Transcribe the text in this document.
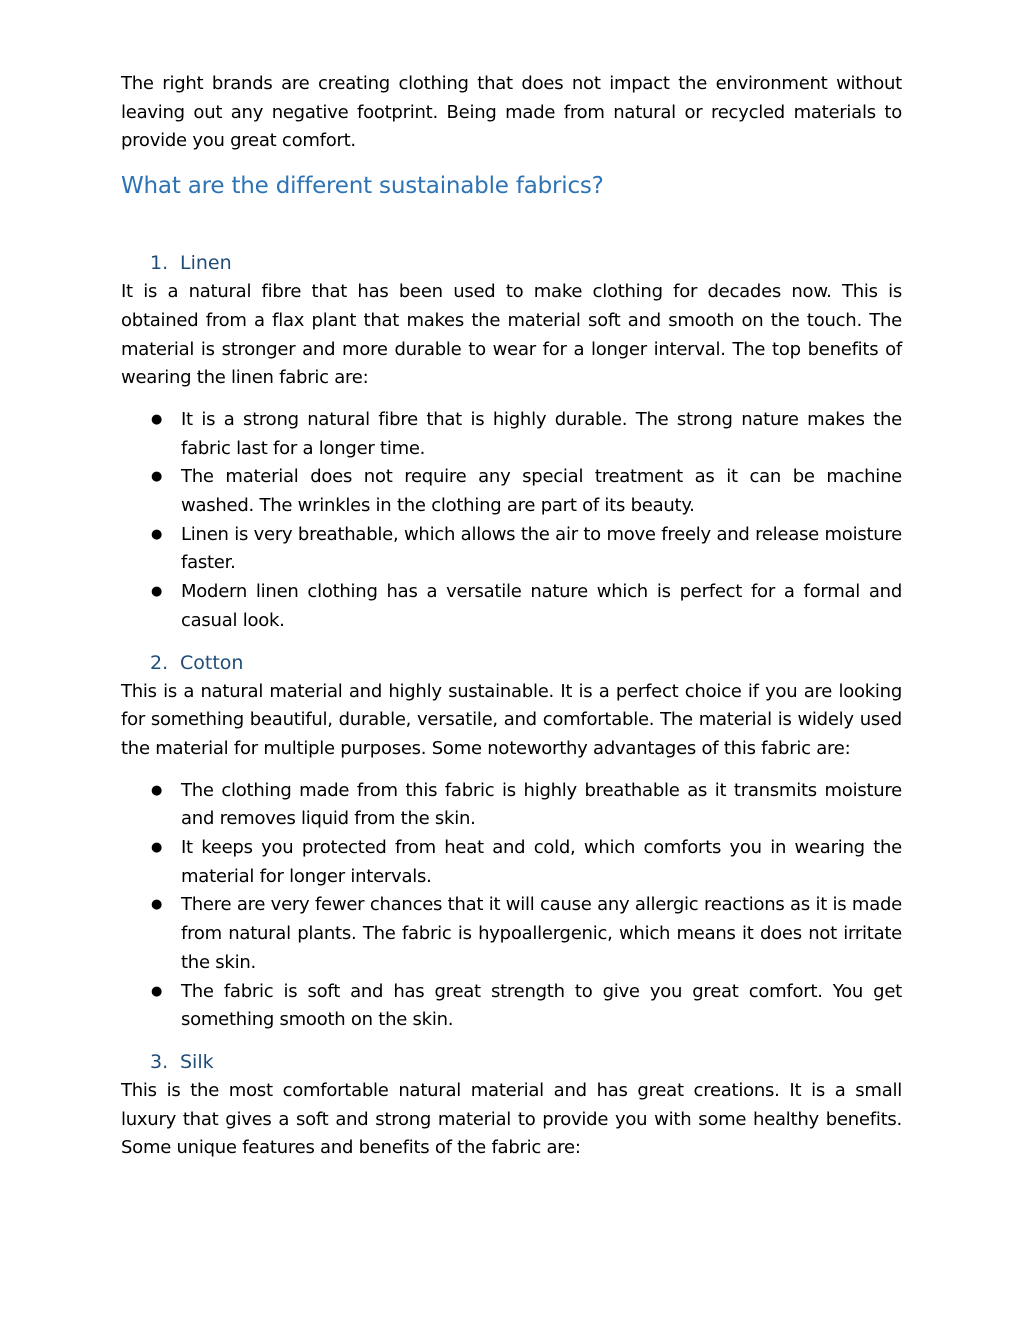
The right brands are creating clothing that does not impact the environment without leaving out any negative footprint. Being made from natural or recycled materials to provide you great comfort.

What are the different sustainable fabrics?
1. Linen

It is a natural fibre that has been used to make clothing for decades now. This is obtained from a flax plant that makes the material soft and smooth on the touch. The material is stronger and more durable to wear for a longer interval. The top benefits of wearing the linen fabric are:

●	It is a strong natural fibre that is highly durable. The strong nature makes the fabric last for a longer time.
●	The material does not require any special treatment as it can be machine washed. The wrinkles in the clothing are part of its beauty.
●	Linen is very breathable, which allows the air to move freely and release moisture faster.
●	Modern linen clothing has a versatile nature which is perfect for a formal and casual look.
2. Cotton

This is a natural material and highly sustainable. It is a perfect choice if you are looking for something beautiful, durable, versatile, and comfortable. The material is widely used the material for multiple purposes. Some noteworthy advantages of this fabric are:

●	The clothing made from this fabric is highly breathable as it transmits moisture and removes liquid from the skin.
●	It keeps you protected from heat and cold, which comforts you in wearing the material for longer intervals.
●	There are very fewer chances that it will cause any allergic reactions as it is made from natural plants. The fabric is hypoallergenic, which means it does not irritate the skin.
●	The fabric is soft and has great strength to give you great comfort. You get something smooth on the skin.
3. Silk

This is the most comfortable natural material and has great creations. It is a small luxury that gives a soft and strong material to provide you with some healthy benefits. Some unique features and benefits of the fabric are:
